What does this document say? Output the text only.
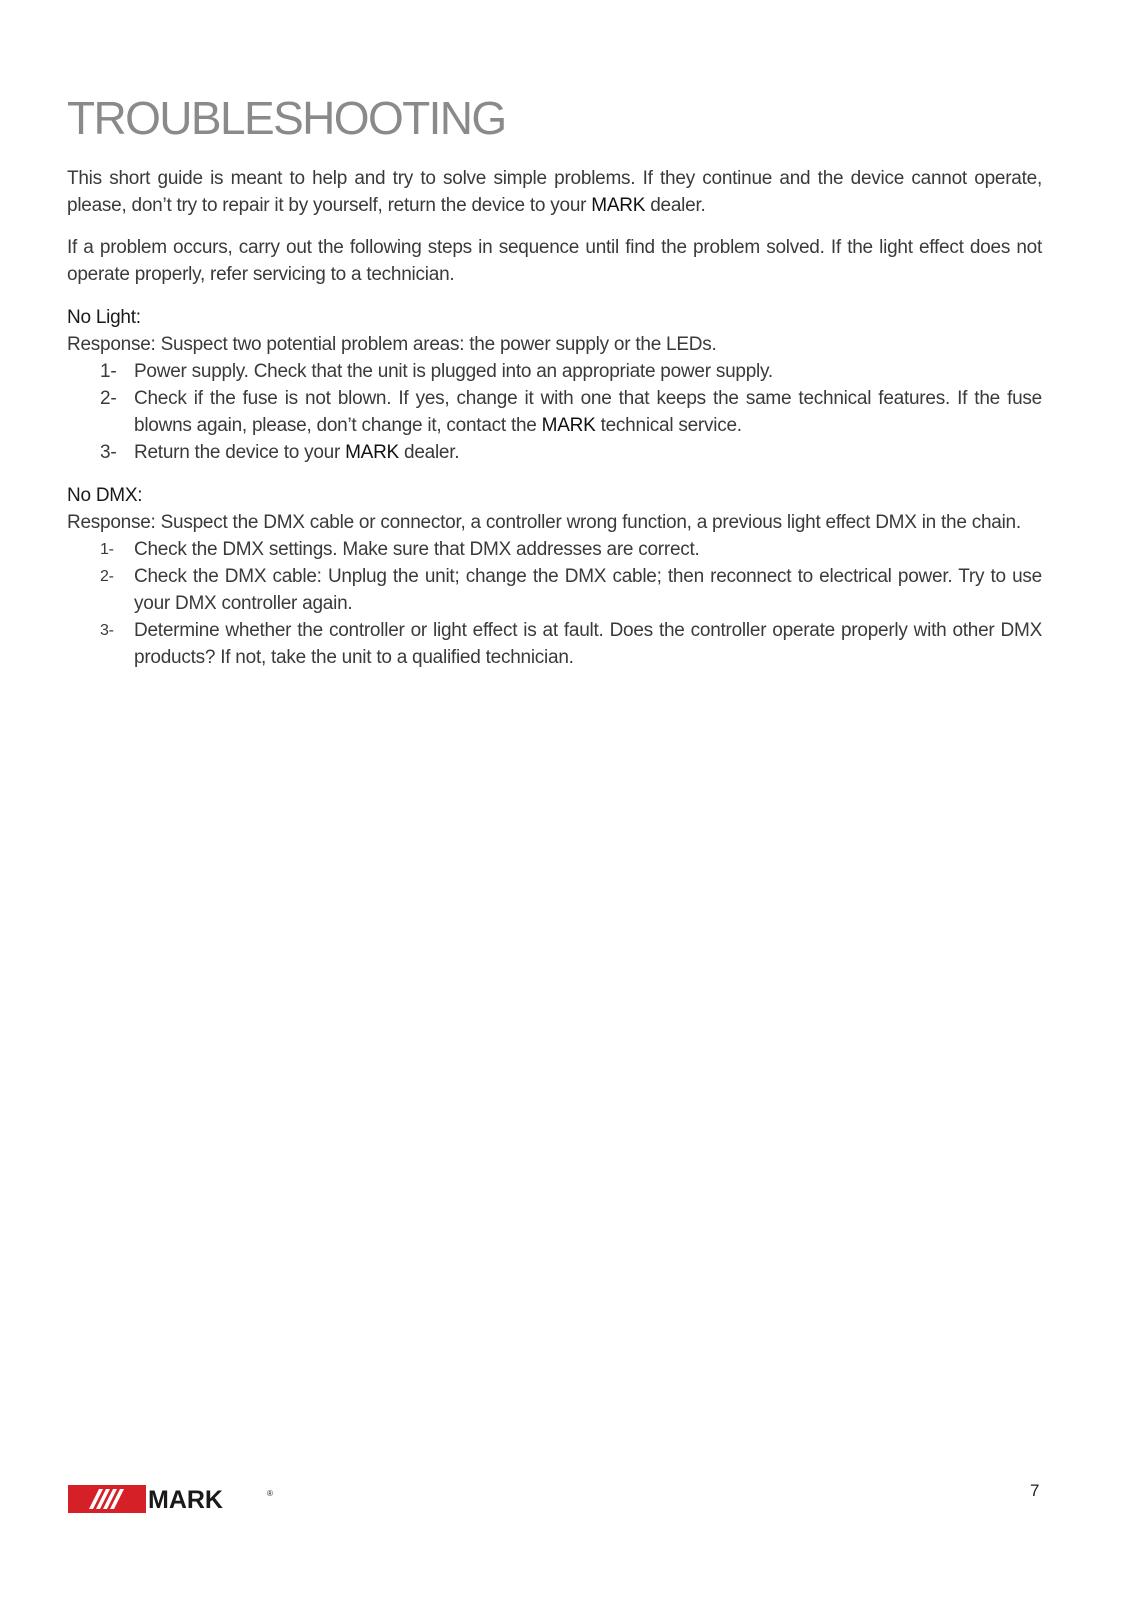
TROUBLESHOOTING

This short guide is meant to help and try to solve simple problems. If they continue and the device cannot operate, please, don’t try to repair it by yourself, return the device to your MARK dealer.

If a problem occurs, carry out the following steps in sequence until find the problem solved. If the light effect does not operate properly, refer servicing to a technician.

No Light:

Response: Suspect two potential problem areas: the power supply or the LEDs.

1- Power supply. Check that the unit is plugged into an appropriate power supply.
2- Check if the fuse is not blown. If yes, change it with one that keeps the same technical features. If the fuse blowns again, please, don’t change it, contact the MARK technical service.
3- Return the device to your MARK dealer.

No DMX:

Response: Suspect the DMX cable or connector, a controller wrong function, a previous light effect DMX in the chain.

1- Check the DMX settings. Make sure that DMX addresses are correct.
2- Check the DMX cable: Unplug the unit; change the DMX cable; then reconnect to electrical power. Try to use your DMX controller again.
3- Determine whether the controller or light effect is at fault. Does the controller operate properly with other DMX products? If not, take the unit to a qualified technician.
MARK	®	7
